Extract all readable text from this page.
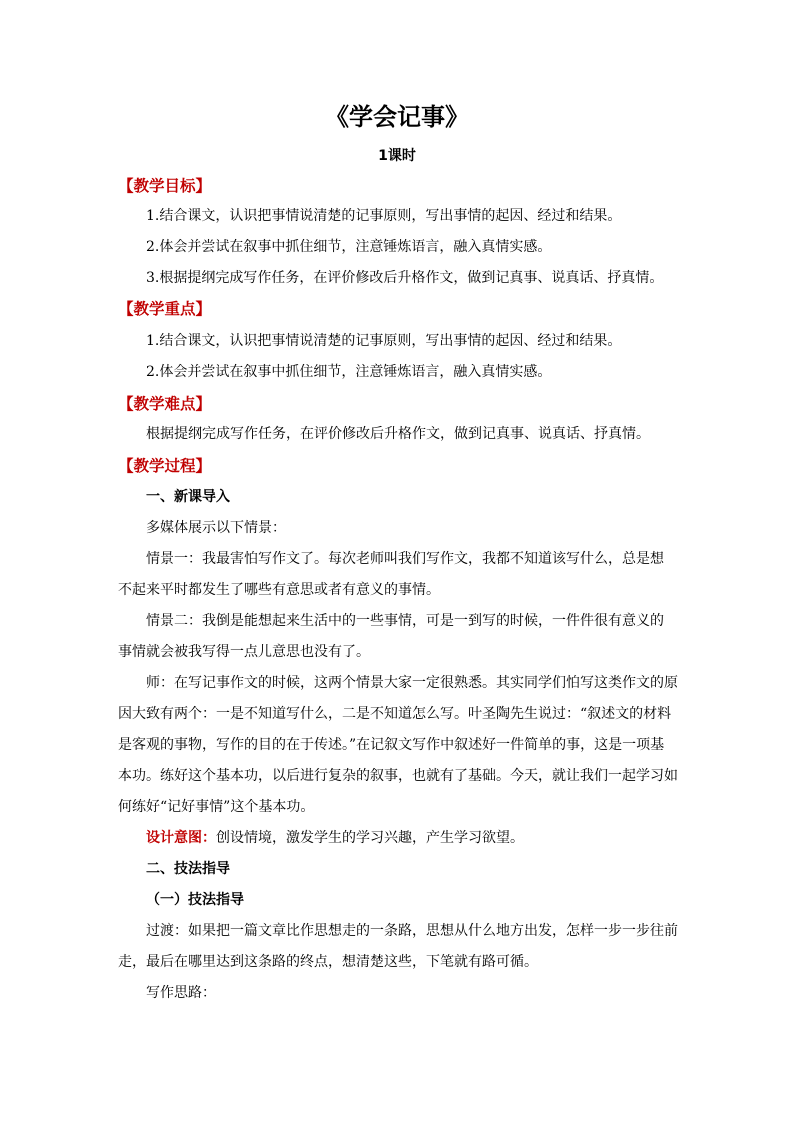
《学会记事》
1课时
【教学目标】
1.结合课文，认识把事情说清楚的记事原则，写出事情的起因、经过和结果。
2.体会并尝试在叙事中抓住细节，注意锤炼语言，融入真情实感。
3.根据提纲完成写作任务，在评价修改后升格作文，做到记真事、说真话、抒真情。
【教学重点】
1.结合课文，认识把事情说清楚的记事原则，写出事情的起因、经过和结果。
2.体会并尝试在叙事中抓住细节，注意锤炼语言，融入真情实感。
【教学难点】
根据提纲完成写作任务，在评价修改后升格作文，做到记真事、说真话、抒真情。
【教学过程】
一、新课导入
多媒体展示以下情景：
情景一：我最害怕写作文了。每次老师叫我们写作文，我都不知道该写什么，总是想
不起来平时都发生了哪些有意思或者有意义的事情。
情景二：我倒是能想起来生活中的一些事情，可是一到写的时候，一件件很有意义的
事情就会被我写得一点儿意思也没有了。
师：在写记事作文的时候，这两个情景大家一定很熟悉。其实同学们怕写这类作文的原
因大致有两个：一是不知道写什么，二是不知道怎么写。叶圣陶先生说过：“叙述文的材料
是客观的事物，写作的目的在于传述。”在记叙文写作中叙述好一件简单的事，这是一项基
本功。练好这个基本功，以后进行复杂的叙事，也就有了基础。今天，就让我们一起学习如
何练好“记好事情”这个基本功。
设计意图：创设情境，激发学生的学习兴趣，产生学习欲望。
二、技法指导
（一）技法指导
过渡：如果把一篇文章比作思想走的一条路，思想从什么地方出发，怎样一步一步往前
走，最后在哪里达到这条路的终点，想清楚这些，下笔就有路可循。
写作思路：
